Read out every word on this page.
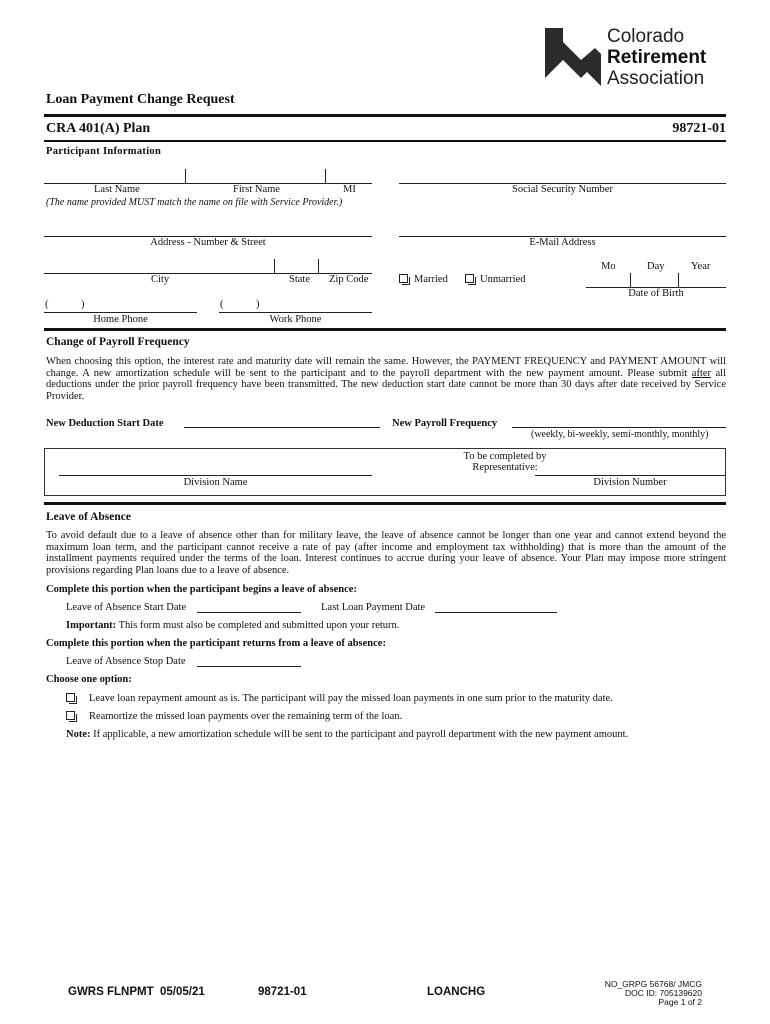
Colorado
Retirement
Association
Loan Payment Change Request
CRA 401(A) Plan	98721-01
Participant Information
Last Name	First Name	MI
(The name provided MUST match the name on file with Service Provider.)
Social Security Number
Address - Number & Street	E-Mail Address
City	State Zip Code	Married	Unmarried
Mo	Day	Year
Date of Birth
(	)
Home Phone
(	)
Work Phone
Change of Payroll Frequency
When choosing this option, the interest rate and maturity date will remain the same. However, the PAYMENT FREQUENCY and PAYMENT AMOUNT will change. A new amortization schedule will be sent to the participant and to the payroll department with the new payment amount. Please submit after all deductions under the prior payroll frequency have been transmitted. The new deduction start date cannot be more than 30 days after date received by Service Provider.
New Deduction Start Date	New Payroll Frequency
(weekly, bi-weekly, semi-monthly, monthly)
To be completed by
Representative:
Division Name	Division Number
Leave of Absence
To avoid default due to a leave of absence other than for military leave, the leave of absence cannot be longer than one year and cannot extend beyond the maximum loan term, and the participant cannot receive a rate of pay (after income and employment tax withholding) that is more than the amount of the installment payments required under the terms of the loan. Interest continues to accrue during your leave of absence. Your Plan may impose more stringent provisions regarding Plan loans due to a leave of absence.
Complete this portion when the participant begins a leave of absence:
Leave of Absence Start Date	Last Loan Payment Date
Important: This form must also be completed and submitted upon your return.
Complete this portion when the participant returns from a leave of absence:
Leave of Absence Stop Date
Choose one option:
Leave loan repayment amount as is. The participant will pay the missed loan payments in one sum prior to the maturity date.
Reamortize the missed loan payments over the remaining term of the loan.
Note: If applicable, a new amortization schedule will be sent to the participant and payroll department with the new payment amount.
GWRS FLNPMT  05/05/21	98721-01	LOANCHG
NO_GRPG 56768/ JMCG
DOC ID: 705139620
Page 1 of 2
